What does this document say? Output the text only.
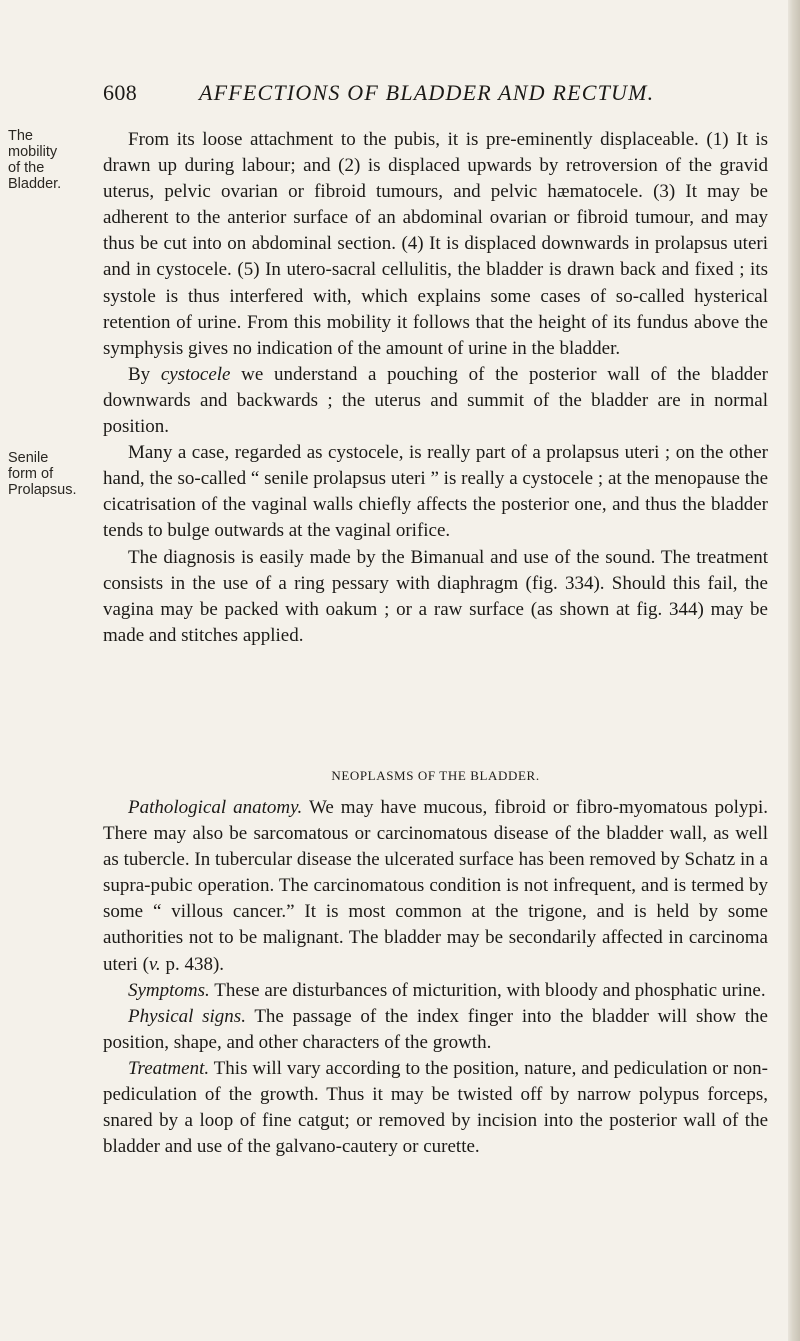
608	AFFECTIONS OF BLADDER AND RECTUM.
The
mobility
of the
Bladder.
Senile
form of
Prolapsus.

From its loose attachment to the pubis, it is pre-eminently displaceable. (1) It is drawn up during labour; and (2) is displaced upwards by retroversion of the gravid uterus, pelvic ovarian or fibroid tumours, and pelvic hæmatocele. (3) It may be adherent to the anterior surface of an abdominal ovarian or fibroid tumour, and may thus be cut into on abdominal section. (4) It is displaced downwards in prolapsus uteri and in cystocele. (5) In utero-sacral cellulitis, the bladder is drawn back and fixed ; its systole is thus interfered with, which explains some cases of so-called hysterical retention of urine. From this mobility it follows that the height of its fundus above the symphysis gives no indication of the amount of urine in the bladder.

By cystocele we understand a pouching of the posterior wall of the bladder downwards and backwards ; the uterus and summit of the bladder are in normal position.

Many a case, regarded as cystocele, is really part of a prolapsus uteri ; on the other hand, the so-called “ senile prolapsus uteri ” is really a cystocele ; at the menopause the cicatrisation of the vaginal walls chiefly affects the posterior one, and thus the bladder tends to bulge outwards at the vaginal orifice.

The diagnosis is easily made by the Bimanual and use of the sound. The treatment consists in the use of a ring pessary with diaphragm (fig. 334). Should this fail, the vagina may be packed with oakum ; or a raw surface (as shown at fig. 344) may be made and stitches applied.

NEOPLASMS OF THE BLADDER.

Pathological anatomy. We may have mucous, fibroid or fibro-myomatous polypi. There may also be sarcomatous or carcinomatous disease of the bladder wall, as well as tubercle. In tubercular disease the ulcerated surface has been removed by Schatz in a supra-pubic operation. The carcinomatous condition is not infrequent, and is termed by some “ villous cancer.” It is most common at the trigone, and is held by some authorities not to be malignant. The bladder may be secondarily affected in carcinoma uteri (v. p. 438).

Symptoms. These are disturbances of micturition, with bloody and phosphatic urine.

Physical signs. The passage of the index finger into the bladder will show the position, shape, and other characters of the growth.

Treatment. This will vary according to the position, nature, and pediculation or non-pediculation of the growth. Thus it may be twisted off by narrow polypus forceps, snared by a loop of fine catgut; or removed by incision into the posterior wall of the bladder and use of the galvano-cautery or curette.
